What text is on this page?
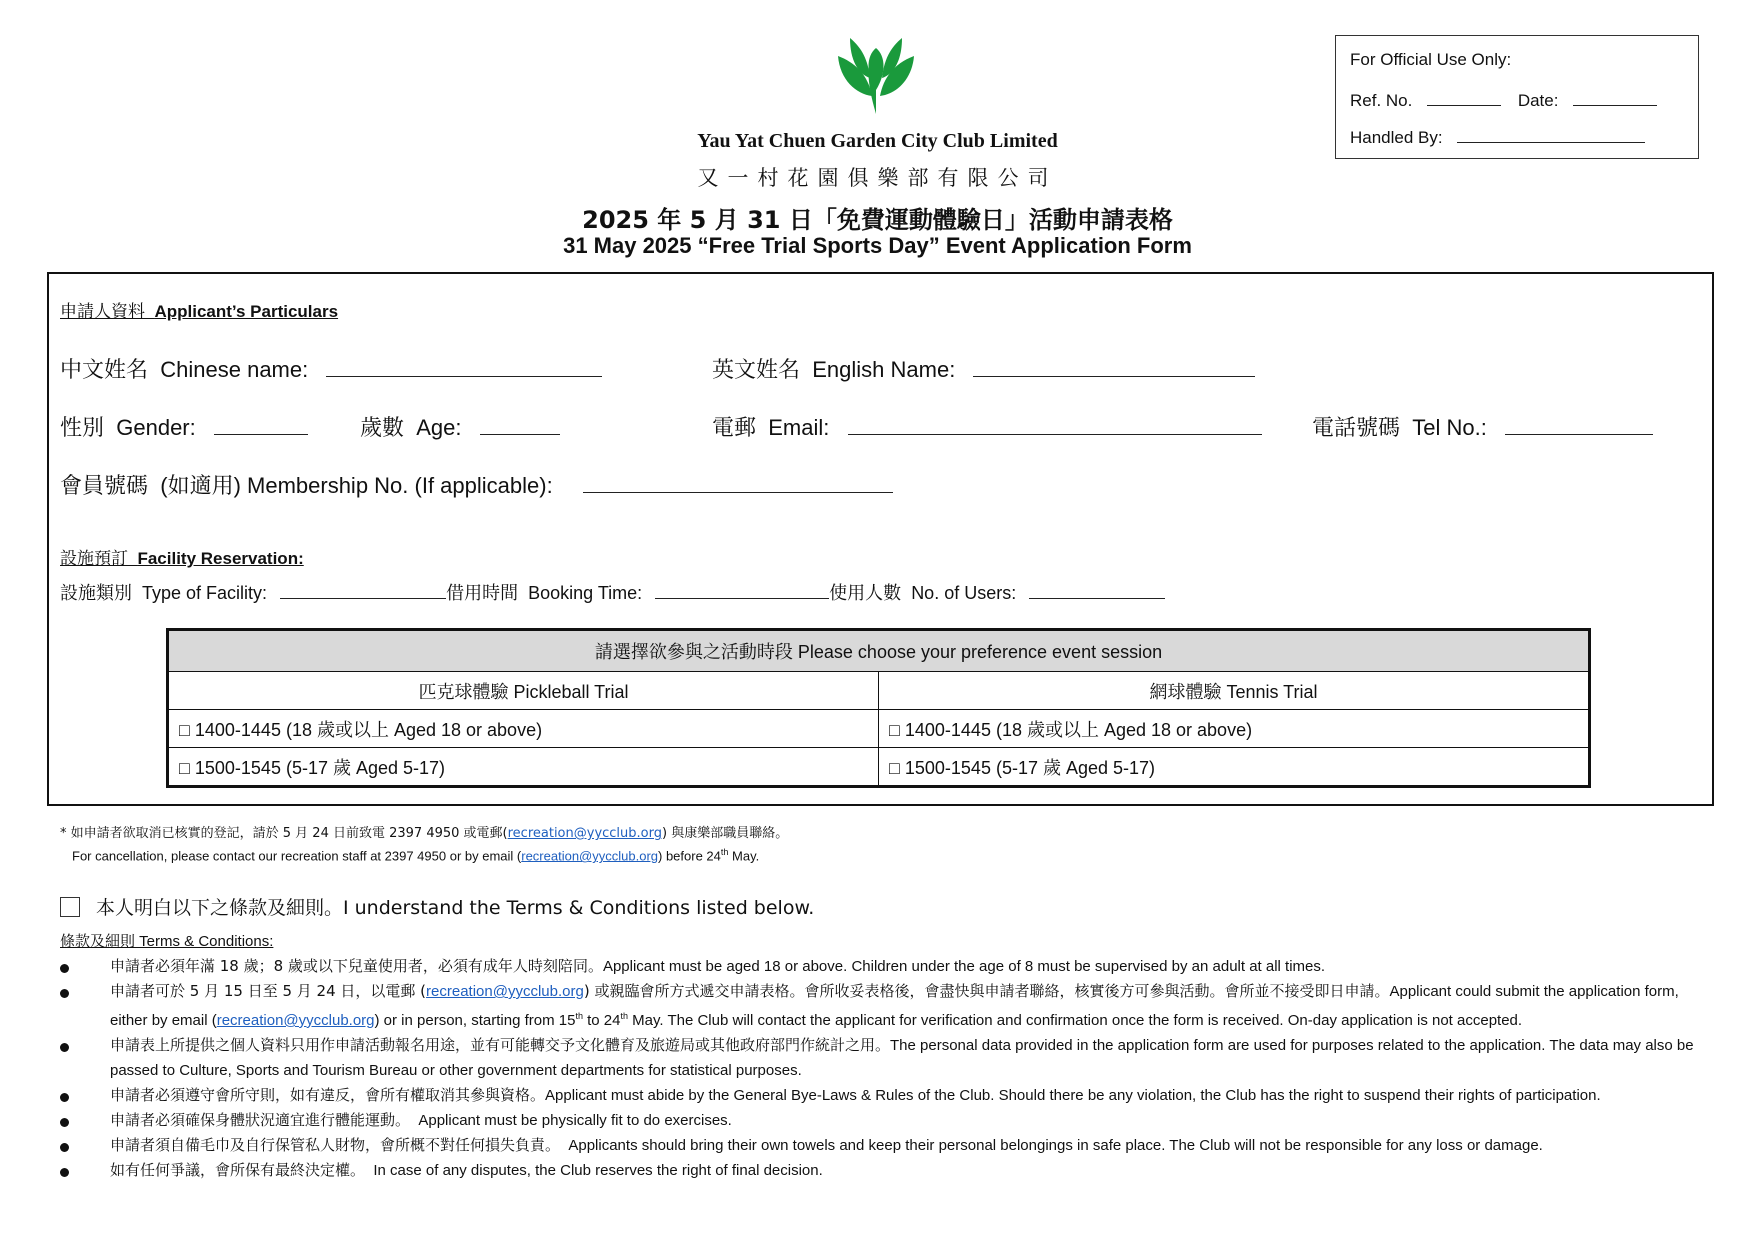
Yau Yat Chuen Garden City Club Limited
又一村花園俱樂部有限公司
2025 年 5 月 31 日「免費運動體驗日」活動申請表格
31 May 2025 “Free Trial Sports Day” Event Application Form
For Official Use Only:
Ref. No.	Date:
Handled By:
申請人資料 Applicant’s Particulars
中文姓名 Chinese name:	英文姓名 English Name:
性別 Gender:	歲數 Age:	電郵 Email:	電話號碼 Tel No.:
會員號碼 (如適用) Membership No. (If applicable):
設施預訂 Facility Reservation:
設施類別 Type of Facility:	借用時間 Booking Time:	使用人數 No. of Users:
請選擇欲參與之活動時段 Please choose your preference event session	
匹克球體驗 Pickleball Trial	網球體驗 Tennis Trial
□ 1400-1445 (18 歲或以上 Aged 18 or above)	□ 1400-1445 (18 歲或以上 Aged 18 or above)
□ 1500-1545 (5-17 歲 Aged 5-17)	□ 1500-1545 (5-17 歲 Aged 5-17)
* 如申請者欲取消已核實的登記，請於 5 月 24 日前致電 2397 4950 或電郵(recreation@yycclub.org) 與康樂部職員聯絡。
For cancellation, please contact our recreation staff at 2397 4950 or by email (recreation@yycclub.org) before 24th May.
本人明白以下之條款及細則。I understand the Terms & Conditions listed below.
條款及細則 Terms & Conditions:

申請者必須年滿 18 歲；8 歲或以下兒童使用者，必須有成年人時刻陪同。Applicant must be aged 18 or above. Children under the age of 8 must be supervised by an adult at all times.

申請者可於 5 月 15 日至 5 月 24 日，以電郵 (recreation@yycclub.org) 或親臨會所方式遞交申請表格。會所收妥表格後，會盡快與申請者聯絡，核實後方可參與活動。會所並不接受即日申請。Applicant could submit the application form, either by email (recreation@yycclub.org) or in person, starting from 15th to 24th May. The Club will contact the applicant for verification and confirmation once the form is received. On-day application is not accepted.

申請表上所提供之個人資料只用作申請活動報名用途，並有可能轉交予文化體育及旅遊局或其他政府部門作統計之用。The personal data provided in the application form are used for purposes related to the application. The data may also be passed to Culture, Sports and Tourism Bureau or other government departments for statistical purposes.

申請者必須遵守會所守則，如有違反，會所有權取消其參與資格。Applicant must abide by the General Bye-Laws & Rules of the Club. Should there be any violation, the Club has the right to suspend their rights of participation.

申請者必須確保身體狀況適宜進行體能運動。 Applicant must be physically fit to do exercises.

申請者須自備毛巾及自行保管私人財物，會所概不對任何損失負責。 Applicants should bring their own towels and keep their personal belongings in safe place. The Club will not be responsible for any loss or damage.

如有任何爭議，會所保有最終決定權。 In case of any disputes, the Club reserves the right of final decision.
